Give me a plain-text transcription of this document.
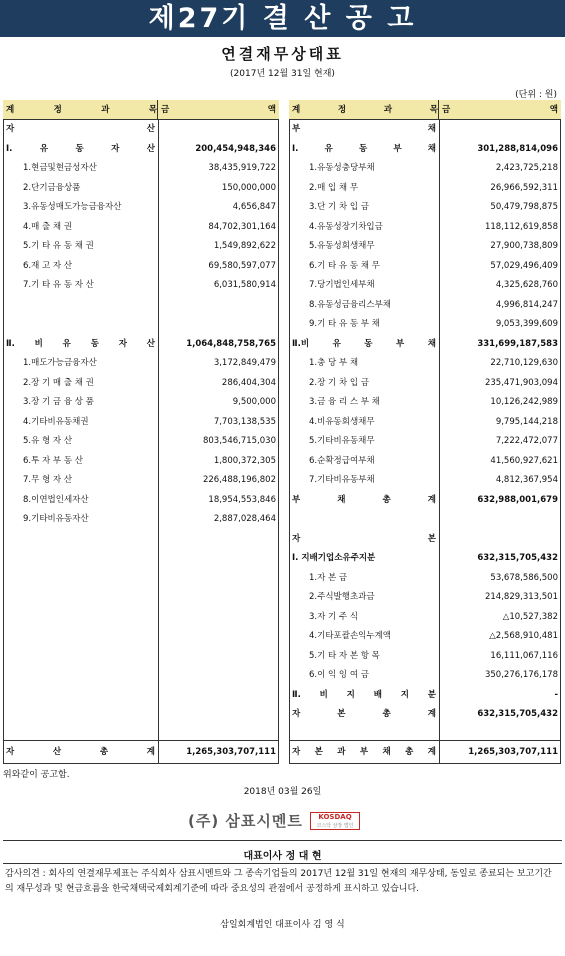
제27기 결 산 공 고
연결재무상태표
(2017년 12월 31일 현재)
(단위 : 원)
계	정	과	목 금	액
자	산
Ⅰ.	유	동	자	산	200,454,948,346
1.현금및현금성자산	38,435,919,722
2.단기금융상품	150,000,000
3.유동성매도가능금융자산	4,656,847
4.매 출 채 권	84,702,301,164
5.기 타 유 동 채 권	1,549,892,622
6.재 고 자 산	69,580,597,077
7.기 타 유 동 자 산	6,031,580,914
Ⅱ. 비 유 동 자 산	1,064,848,758,765
1.매도가능금융자산	3,172,849,479
2.장 기 매 출 채 권	286,404,304
3.장 기 금 융 상 품	9,500,000
4.기타비유동채권	7,703,138,535
5.유 형 자 산	803,546,715,030
6.투 자 부 동 산	1,800,372,305
7.무 형 자 산	226,488,196,802
8.이연법인세자산	18,954,553,846
9.기타비유동자산	2,887,028,464
자	산	총	계	1,265,303,707,111
계	정	과	목 금	액
부	채
Ⅰ.	유	동	부	채	301,288,814,096
1.유동성충당부채	2,423,725,218
2.매 입 채 무	26,966,592,311
3.단 기 차 입 금	50,479,798,875
4.유동성장기차입금	118,112,619,858
5.유동성회생채무	27,900,738,809
6.기 타 유 동 채 무	57,029,496,409
7.당기법인세부채	4,325,628,760
8.유동성금융리스부채	4,996,814,247
9.기 타 유 동 부 채	9,053,399,609
Ⅱ.비	유	동	부	채	331,699,187,583
1.충 당 부 채	22,710,129,630
2.장 기 차 입 금	235,471,903,094
3.금 융 리 스 부 채	10,126,242,989
4.비유동회생채무	9,795,144,218
5.기타비유동채무	7,222,472,077
6.순확정급여부채	41,560,927,621
7.기타비유동부채	4,812,367,954
부	채	총	계	632,988,001,679
자	본
Ⅰ. 지배기업소유주지분	632,315,705,432
1.자 본 금	53,678,586,500
2.주식발행초과금	214,829,313,501
3.자 기 주 식	△10,527,382
4.기타포괄손익누계액	△2,568,910,481
5.기 타 자 본 항 목	16,111,067,116
6.이 익 잉 여 금	350,276,176,178
Ⅱ. 비 지 배 지 분	-
자	본	총	계	632,315,705,432
자 본 과 부 채 총 계	1,265,303,707,111
위와같이 공고함.
2018년 03월 26일
(주) 삼표시멘트	KOSDAQ
코스닥 상장 법인
대표이사 정 대 현
감사의견 : 회사의 연결재무제표는 주식회사 삼표시멘트와 그 종속기업들의 2017년 12월 31일 현재의 재무상태, 동일로 종료되는 보고기간의 재무성과 및 현금흐름을 한국채택국제회계기준에 따라 중요성의 관점에서 공정하게 표시하고 있습니다.
삼일회계법인 대표이사 김 영 식
